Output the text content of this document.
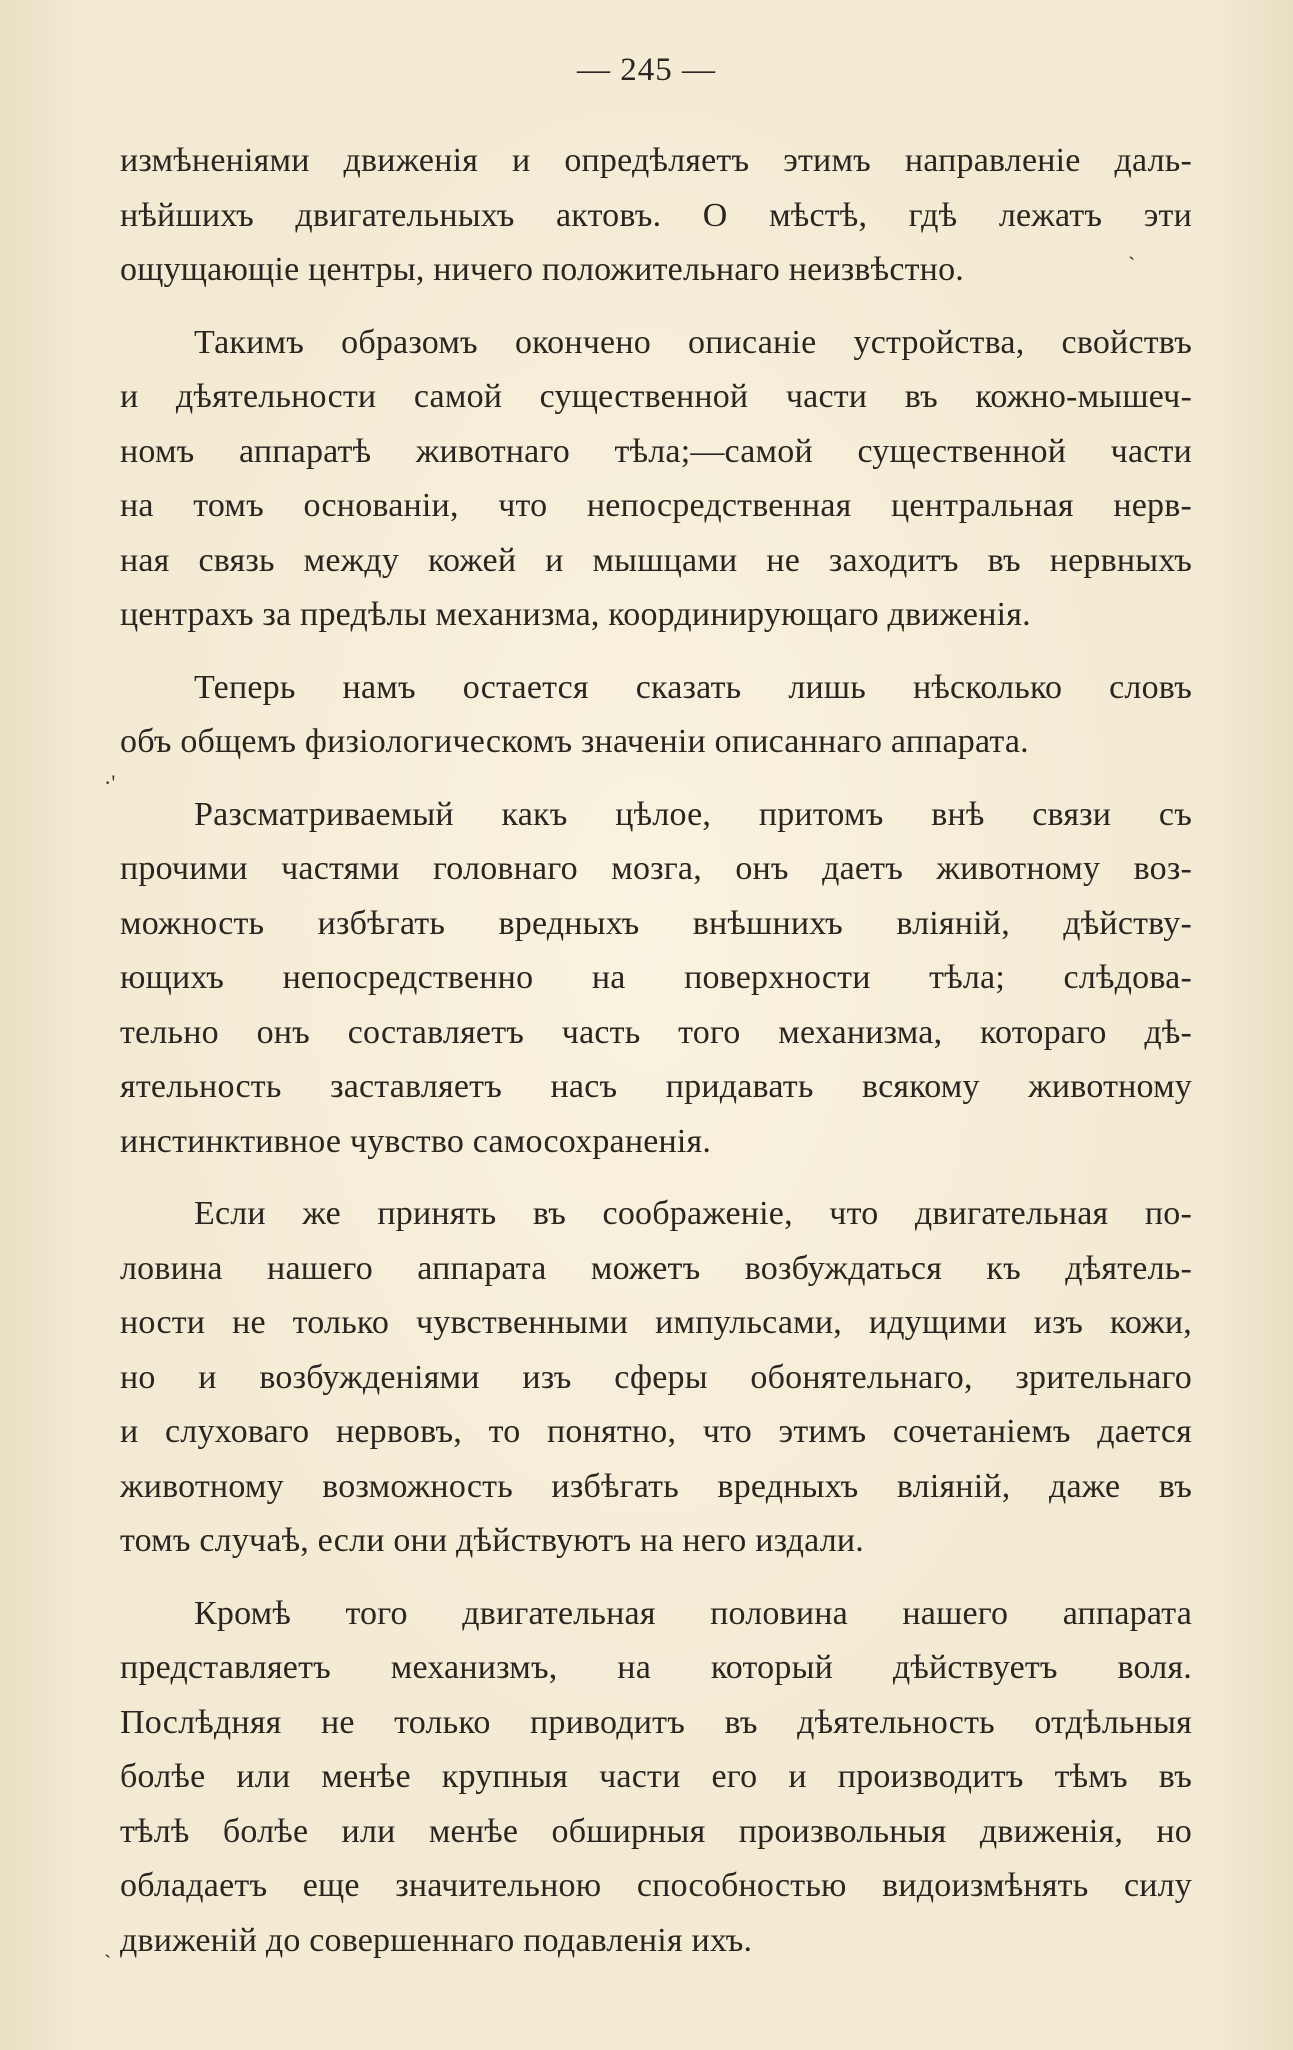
— 245 —
измѣненіями движенія и опредѣляетъ этимъ направленіе даль-
нѣйшихъ двигательныхъ актовъ. О мѣстѣ, гдѣ лежатъ эти
ощущающіе центры, ничего положительнаго неизвѣстно.
Такимъ образомъ окончено описаніе устройства, свойствъ
и дѣятельности самой существенной части въ кожно-мышеч-
номъ аппаратѣ животнаго тѣла;—самой существенной части
на томъ основаніи, что непосредственная центральная нерв-
ная связь между кожей и мышцами не заходитъ въ нервныхъ
центрахъ за предѣлы механизма, координирующаго движенія.
Теперь намъ остается сказать лишь нѣсколько словъ
объ общемъ физіологическомъ значеніи описаннаго аппарата.
Разсматриваемый какъ цѣлое, притомъ внѣ связи съ
прочими частями головнаго мозга, онъ даетъ животному воз-
можность избѣгать вредныхъ внѣшнихъ вліяній, дѣйству-
ющихъ непосредственно на поверхности тѣла; слѣдова-
тельно онъ составляетъ часть того механизма, котораго дѣ-
ятельность заставляетъ насъ придавать всякому животному
инстинктивное чувство самосохраненія.
Если же принять въ соображеніе, что двигательная по-
ловина нашего аппарата можетъ возбуждаться къ дѣятель-
ности не только чувственными импульсами, идущими изъ кожи,
но и возбужденіями изъ сферы обонятельнаго, зрительнаго
и слуховаго нервовъ, то понятно, что этимъ сочетаніемъ дается
животному возможность избѣгать вредныхъ вліяній, даже въ
томъ случаѣ, если они дѣйствуютъ на него издали.
Кромѣ того двигательная половина нашего аппарата
представляетъ механизмъ, на который дѣйствуетъ воля.
Послѣдняя не только приводитъ въ дѣятельность отдѣльныя
болѣе или менѣе крупныя части его и производитъ тѣмъ въ
тѣлѣ болѣе или менѣе обширныя произвольныя движенія, но
обладаетъ еще значительною способностью видоизмѣнять силу
движеній до совершеннаго подавленія ихъ.
ˋ
·'
ˋ
